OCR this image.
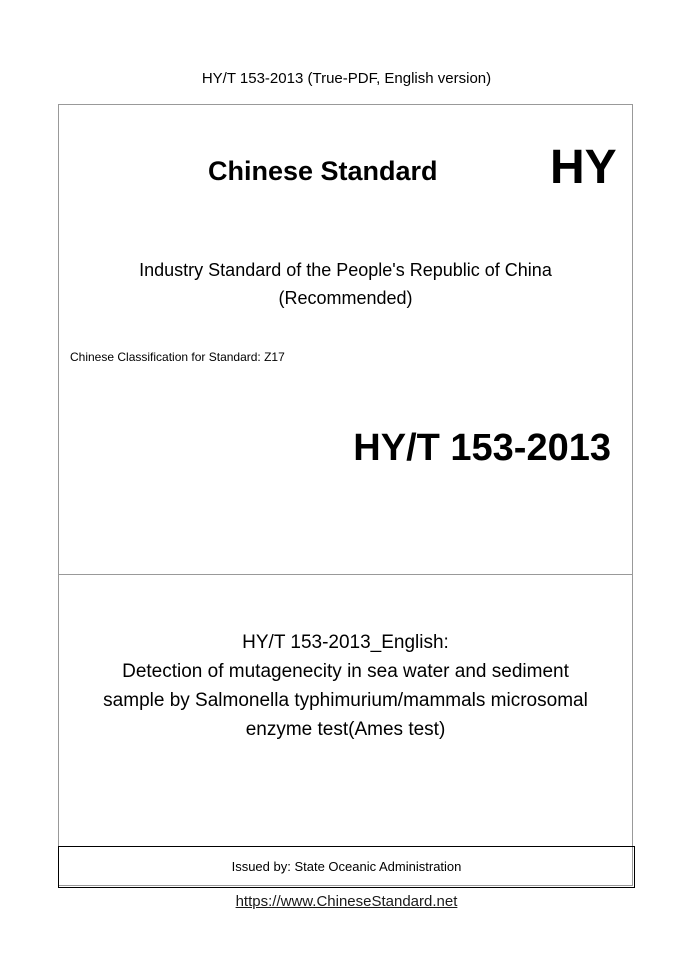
HY/T 153-2013 (True-PDF, English version)
Chinese Standard HY
Industry Standard of the People's Republic of China
(Recommended)
Chinese Classification for Standard: Z17
HY/T 153-2013
HY/T 153-2013_English:
Detection of mutagenecity in sea water and sediment
sample by Salmonella typhimurium/mammals microsomal
enzyme test(Ames test)
Issued by: State Oceanic Administration
https://www.ChineseStandard.net
